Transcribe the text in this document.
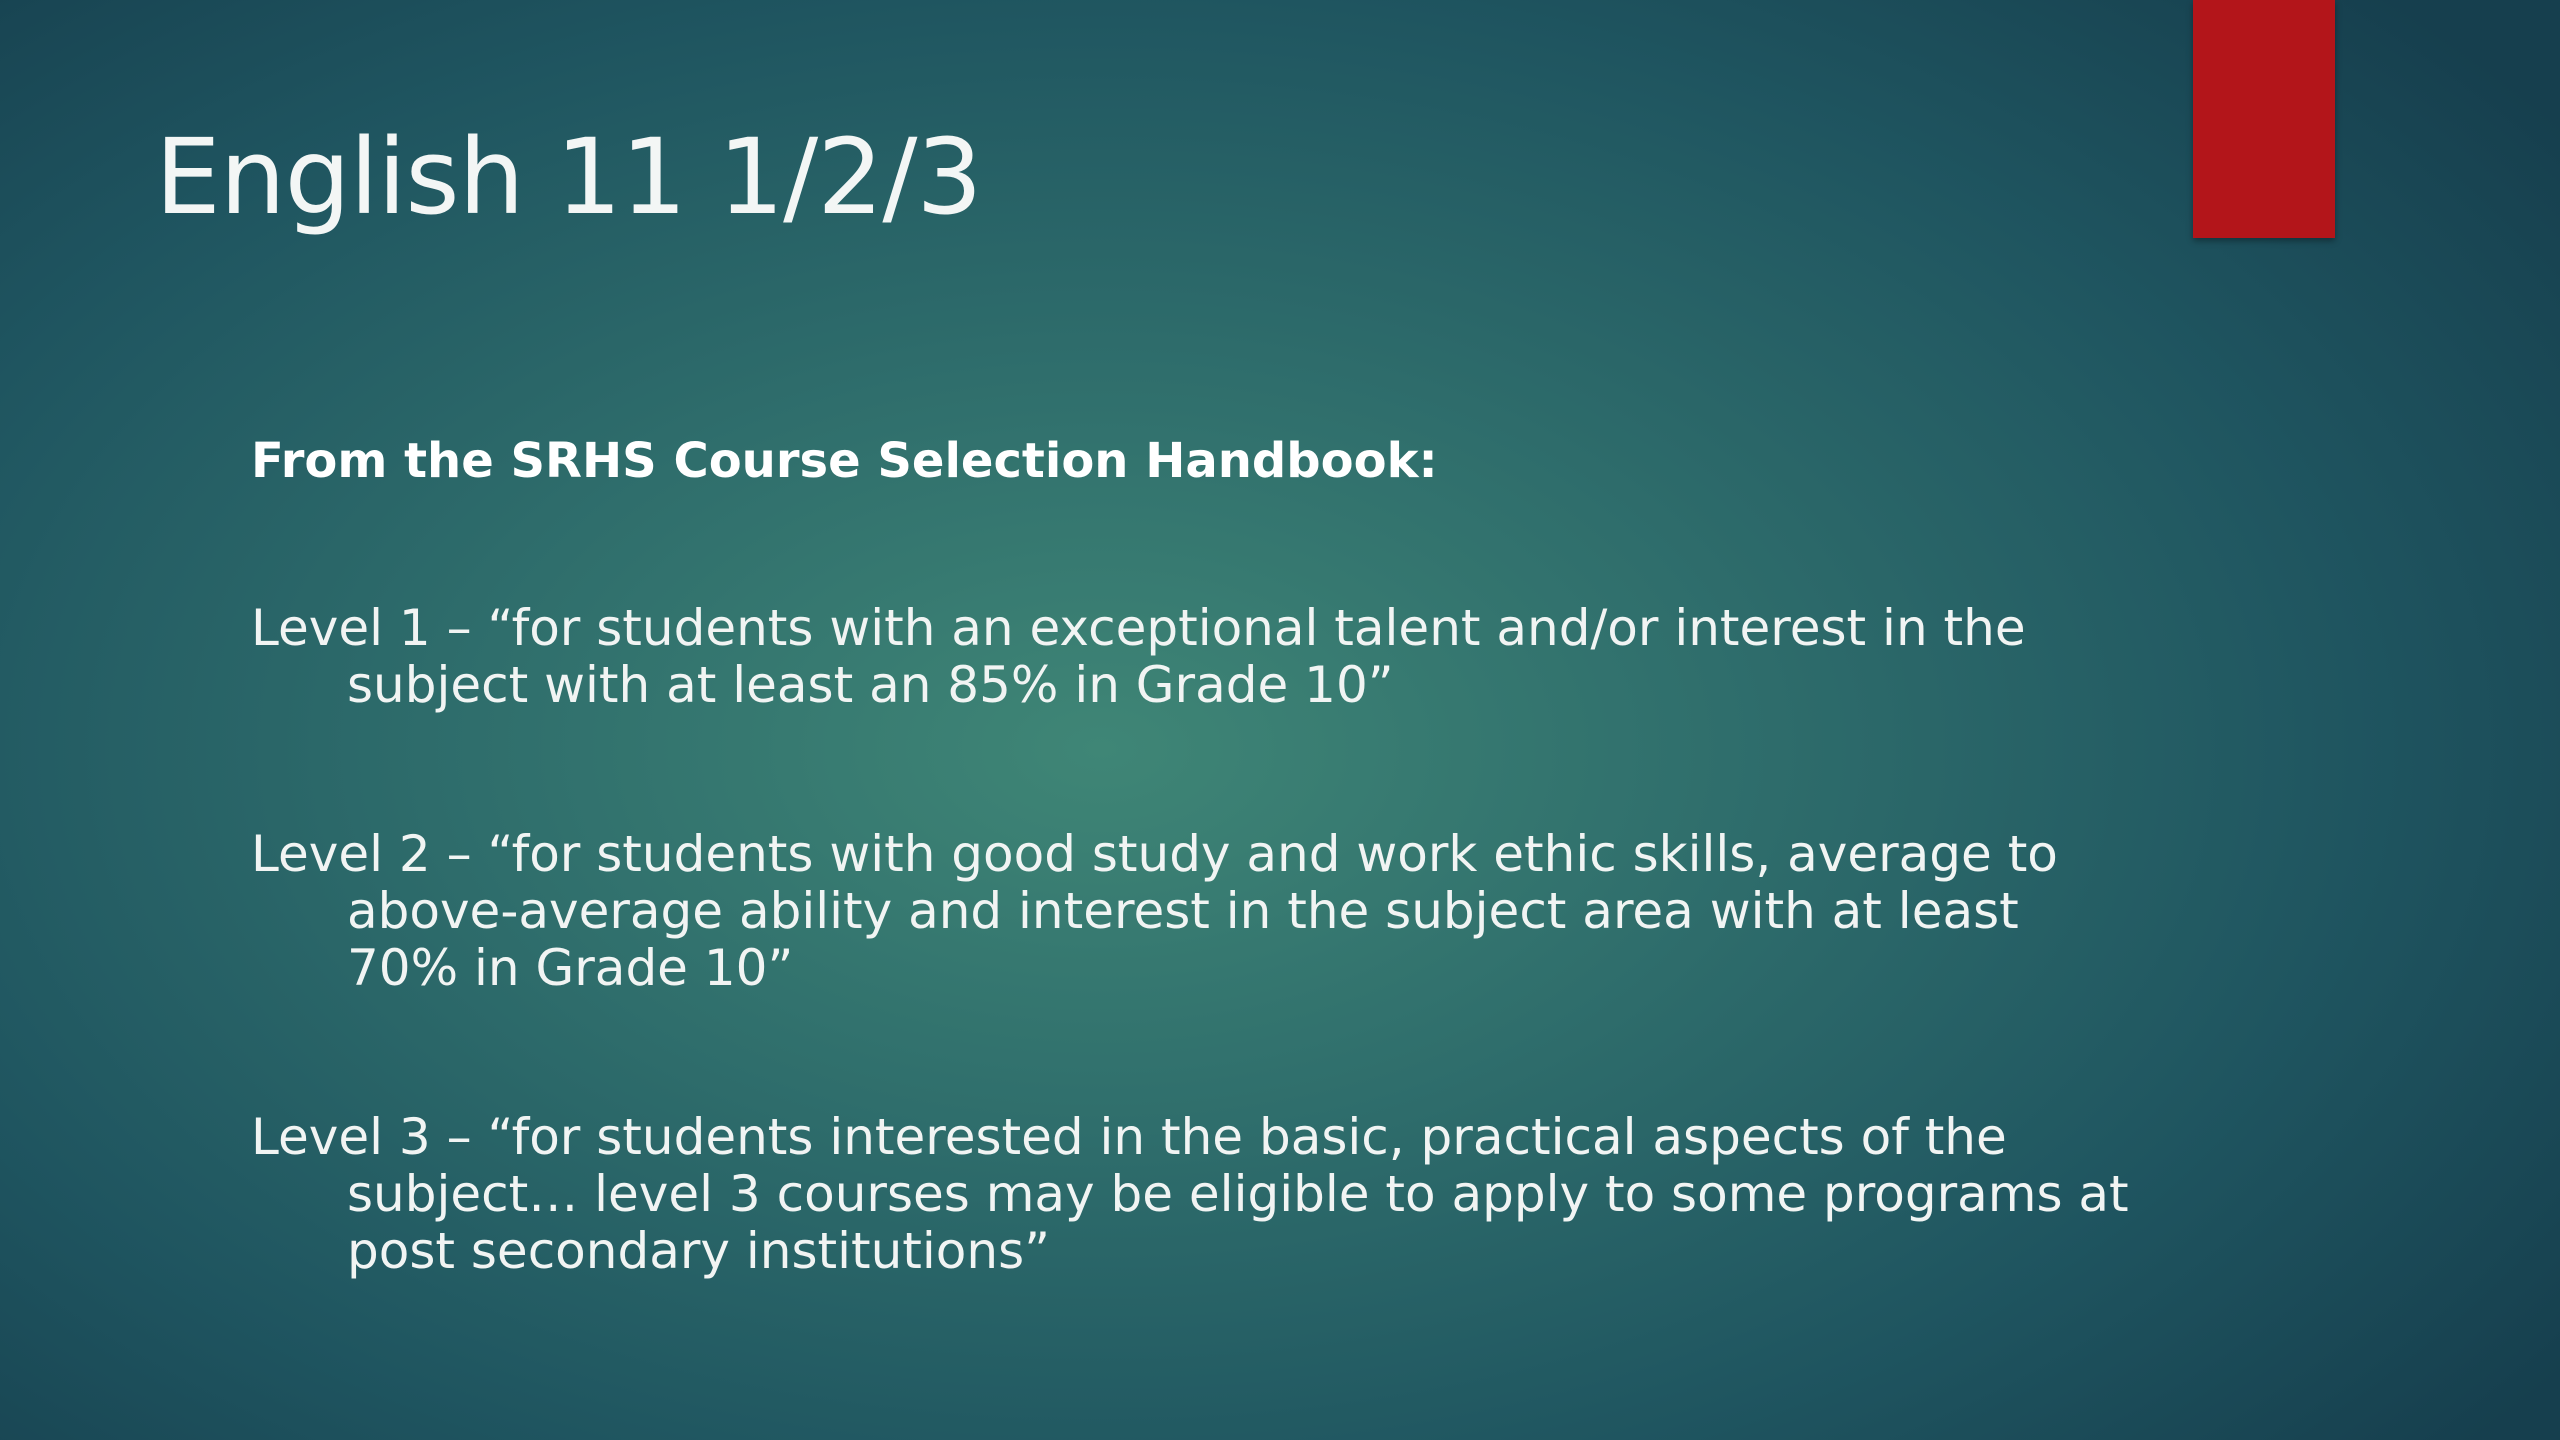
English 11 1/2/3

From the SRHS Course Selection Handbook:

Level 1 – “for students with an exceptional talent and/or interest in the subject with at least an 85% in Grade 10”
Level 2 – “for students with good study and work ethic skills, average to above-average ability and interest in the subject area with at least 70% in Grade 10”
Level 3 – “for students interested in the basic, practical aspects of the subject… level 3 courses may be eligible to apply to some programs at post secondary institutions”
